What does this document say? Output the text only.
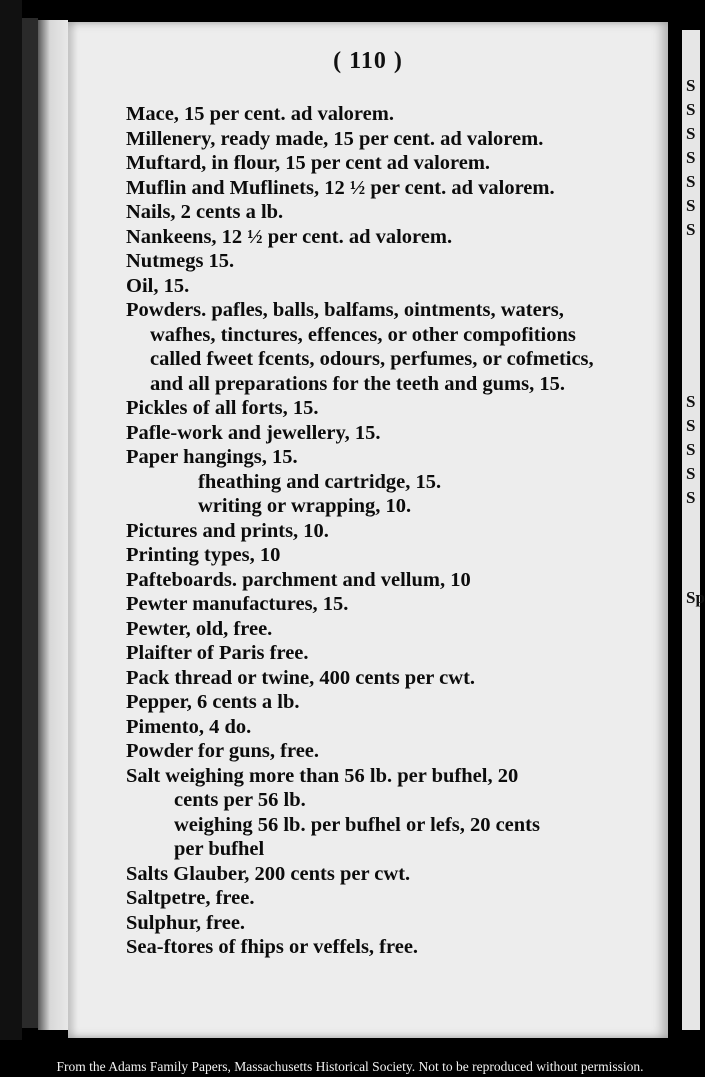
( 110 )
Mace, 15 per cent. ad valorem.
Millenery, ready made, 15 per cent. ad valorem.
Muftard, in flour, 15 per cent ad valorem.
Muflin and Muflinets, 12 ½ per cent. ad valorem.
Nails, 2 cents a lb.
Nankeens, 12 ½ per cent. ad valorem.
Nutmegs 15.
Oil, 15.
Powders. pafles, balls, balfams, ointments, waters,
wafhes, tinctures, effences, or other compofitions
called fweet fcents, odours, perfumes, or cofmetics,
and all preparations for the teeth and gums, 15.
Pickles of all forts, 15.
Pafle-work and jewellery, 15.
Paper hangings, 15.
fheathing and cartridge, 15.
writing or wrapping, 10.
Pictures and prints, 10.
Printing types, 10
Pafteboards. parchment and vellum, 10
Pewter manufactures, 15.
Pewter, old, free.
Plaifter of Paris free.
Pack thread or twine, 400 cents per cwt.
Pepper, 6 cents a lb.
Pimento, 4 do.
Powder for guns, free.
Salt weighing more than 56 lb. per bufhel, 20
cents per 56 lb.
weighing 56 lb. per bufhel or lefs, 20 cents
per bufhel
Salts Glauber, 200 cents per cwt.
Saltpetre, free.
Sulphur, free.
Sea-ftores of fhips or veffels, free.
S
S
S
S
S
S
S
S
S
S
S
S
Sp
From the Adams Family Papers, Massachusetts Historical Society. Not to be reproduced without permission.
